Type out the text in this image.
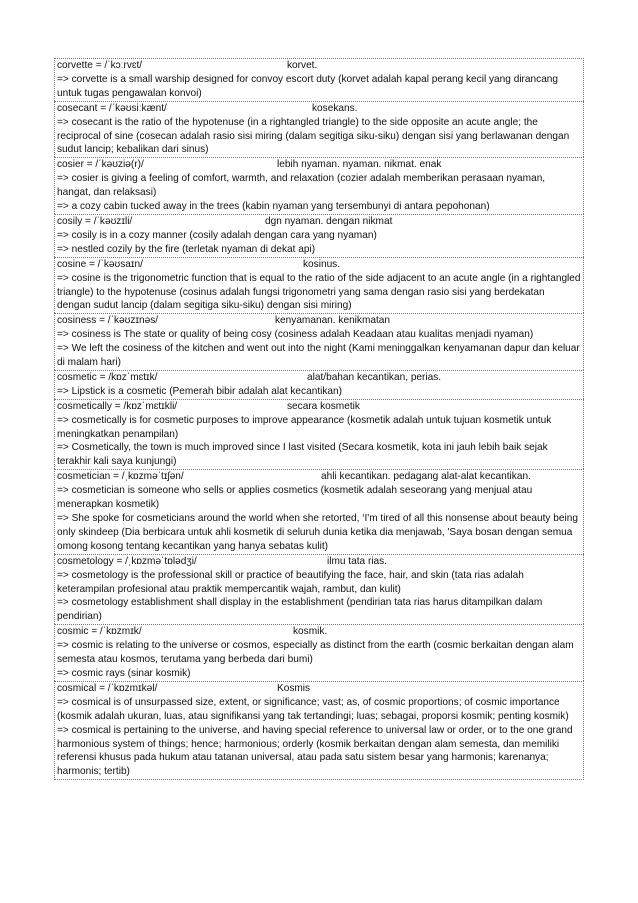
corvette = /ˈkɔːrvɛt/	korvet.
=> corvette is a small warship designed for convoy escort duty (korvet adalah kapal perang kecil yang dirancang untuk tugas pengawalan konvoi)
cosecant = /ˈkəʊsiːkænt/	kosekans.
=> cosecant is the ratio of the hypotenuse (in a rightangled triangle) to the side opposite an acute angle; the reciprocal of sine (cosecan adalah rasio sisi miring (dalam segitiga siku-siku) dengan sisi yang berlawanan dengan sudut lancip; kebalikan dari sinus)
cosier = /ˈkəʊziə(r)/	lebih nyaman. nyaman. nikmat. enak
=> cosier is giving a feeling of comfort, warmth, and relaxation (cozier adalah memberikan perasaan nyaman, hangat, dan relaksasi)
=> a cozy cabin tucked away in the trees (kabin nyaman yang tersembunyi di antara pepohonan)
cosily = /ˈkəʊzɪli/	dgn nyaman. dengan nikmat
=> cosily is in a cozy manner (cosily adalah dengan cara yang nyaman)
=> nestled cozily by the fire (terletak nyaman di dekat api)
cosine = /ˈkəʊsaɪn/	kosinus.
=> cosine is the trigonometric function that is equal to the ratio of the side adjacent to an acute angle (in a rightangled triangle) to the hypotenuse (cosinus adalah fungsi trigonometri yang sama dengan rasio sisi yang berdekatan dengan sudut lancip (dalam segitiga siku-siku) dengan sisi miring)
cosiness = /ˈkəʊzɪnəs/	kenyamanan. kenikmatan
=> cosiness is The state or quality of being cosy (cosiness adalah Keadaan atau kualitas menjadi nyaman)
=> We left the cosiness of the kitchen and went out into the night (Kami meninggalkan kenyamanan dapur dan keluar di malam hari)
cosmetic = /kɒzˈmɛtɪk/	alat/bahan kecantikan, perias.
=> Lipstick is a cosmetic (Pemerah bibir adalah alat kecantikan)
cosmetically = /kɒzˈmɛtɪkli/	secara kosmetik
=> cosmetically is for cosmetic purposes to improve appearance (kosmetik adalah untuk tujuan kosmetik untuk meningkatkan penampilan)
=> Cosmetically, the town is much improved since I last visited (Secara kosmetik, kota ini jauh lebih baik sejak terakhir kali saya kunjungi)
cosmetician = /ˌkɒzməˈtɪʃən/	ahli kecantikan. pedagang alat-alat kecantikan.
=> cosmetician is someone who sells or applies cosmetics (kosmetik adalah seseorang yang menjual atau menerapkan kosmetik)
=> She spoke for cosmeticians around the world when she retorted, ‘I'm tired of all this nonsense about beauty being only skindeep (Dia berbicara untuk ahli kosmetik di seluruh dunia ketika dia menjawab, 'Saya bosan dengan semua omong kosong tentang kecantikan yang hanya sebatas kulit)
cosmetology = /ˌkɒzməˈtɒlədʒi/	ilmu tata rias.
=> cosmetology is the professional skill or practice of beautifying the face, hair, and skin (tata rias adalah keterampilan profesional atau praktik mempercantik wajah, rambut, dan kulit)
=> cosmetology establishment shall display in the establishment (pendirian tata rias harus ditampilkan dalam pendirian)
cosmic = /ˈkɒzmɪk/	kosmik.
=> cosmic is relating to the universe or cosmos, especially as distinct from the earth (cosmic berkaitan dengan alam semesta atau kosmos, terutama yang berbeda dari bumi)
=> cosmic rays (sinar kosmik)
cosmical = /ˈkɒzmɪkəl/	Kosmis
=> cosmical is of unsurpassed size, extent, or significance; vast; as, of cosmic proportions; of cosmic importance (kosmik adalah ukuran, luas, atau signifikansi yang tak tertandingi; luas; sebagai, proporsi kosmik; penting kosmik)
=> cosmical is pertaining to the universe, and having special reference to universal law or order, or to the one grand harmonious system of things; hence; harmonious; orderly (kosmik berkaitan dengan alam semesta, dan memiliki referensi khusus pada hukum atau tatanan universal, atau pada satu sistem besar yang harmonis; karenanya; harmonis; tertib)
